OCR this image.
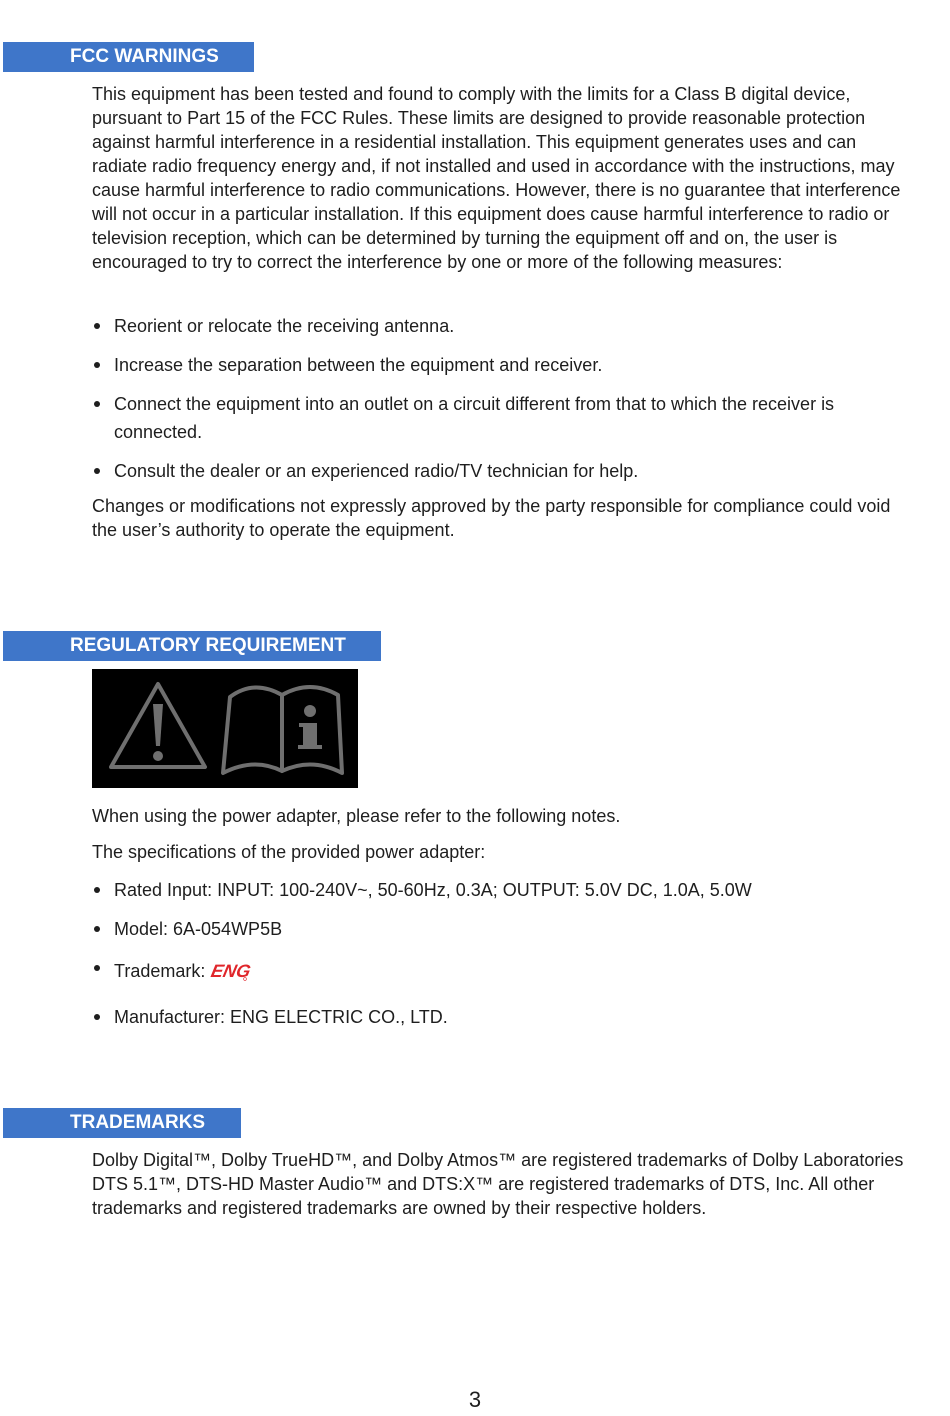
FCC WARNINGS

This equipment has been tested and found to comply with the limits for a Class B digital device, pursuant to Part 15 of the FCC Rules. These limits are designed to provide reasonable protection against harmful interference in a residential installation. This equipment generates uses and can radiate radio frequency energy and, if not installed and used in accordance with the instructions, may cause harmful interference to radio communications. However, there is no guarantee that interference will not occur in a particular installation. If this equipment does cause harmful interference to radio or television reception, which can be determined by turning the equipment off and on, the user is encouraged to try to correct the interference by one or more of the following measures:

Reorient or relocate the receiving antenna.
Increase the separation between the equipment and receiver.
Connect the equipment into an outlet on a circuit different from that to which the receiver is connected.
Consult the dealer or an experienced radio/TV technician for help.

Changes or modifications not expressly approved by the party responsible for compliance could void the user’s authority to operate the equipment.

REGULATORY REQUIREMENT

When using the power adapter, please refer to the following notes.

The specifications of the provided power adapter:

Rated Input: INPUT: 100-240V~, 50-60Hz, 0.3A; OUTPUT: 5.0V DC, 1.0A, 5.0W
Model: 6A-054WP5B
Trademark: ENG
Manufacturer: ENG ELECTRIC CO., LTD.
TRADEMARKS

Dolby Digital™, Dolby TrueHD™, and Dolby Atmos™ are registered trademarks of Dolby Laboratories DTS 5.1™, DTS-HD Master Audio™ and DTS:X™ are registered trademarks of DTS, Inc. All other trademarks and registered trademarks are owned by their respective holders.

3
